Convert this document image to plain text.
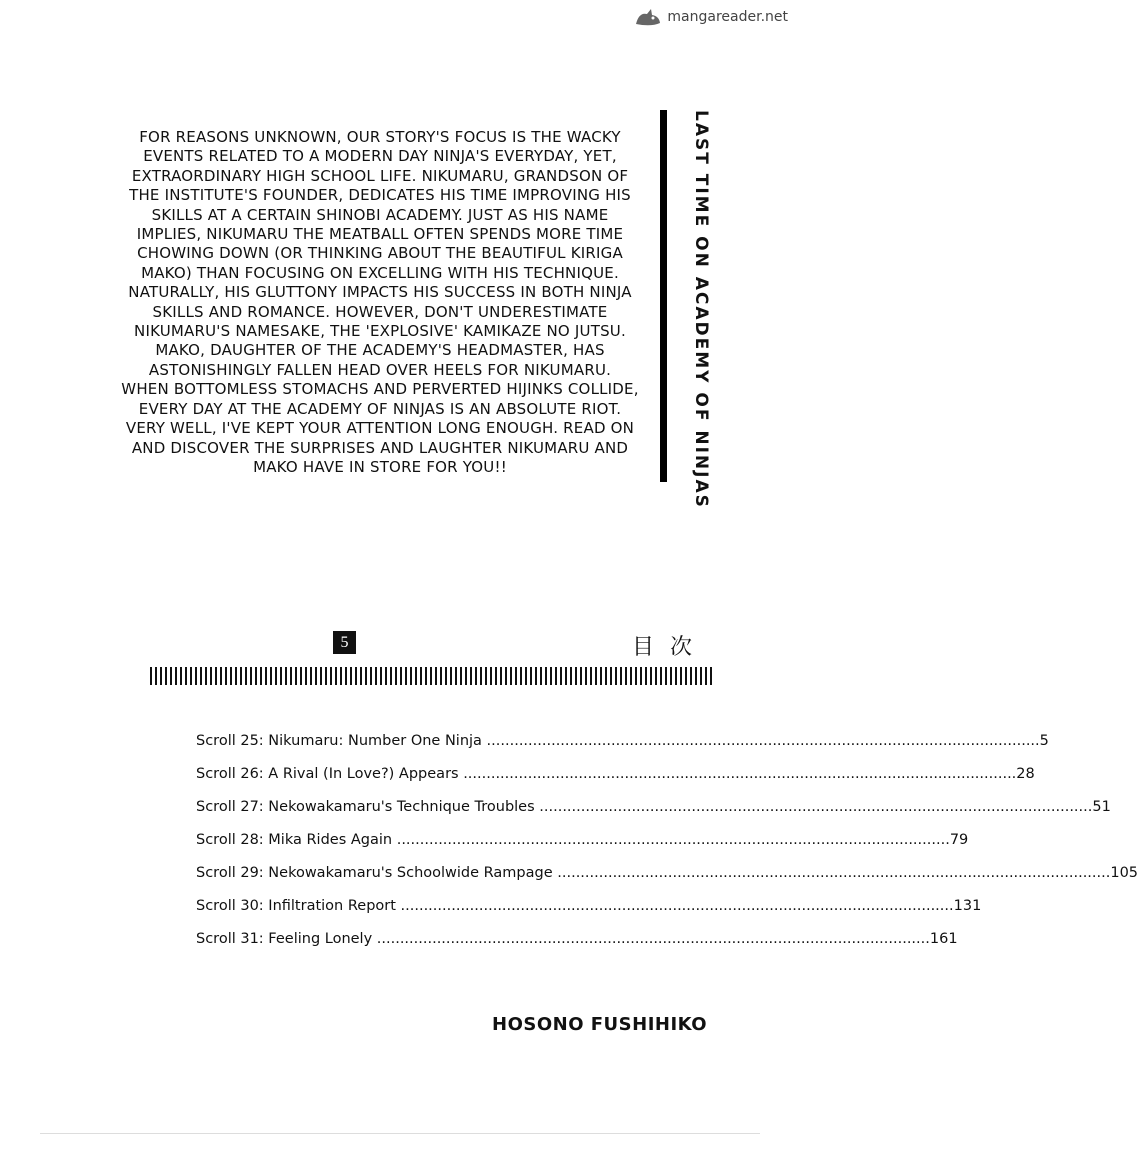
mangareader.net

FOR REASONS UNKNOWN, OUR STORY'S FOCUS IS THE WACKY
EVENTS RELATED TO A MODERN DAY NINJA'S EVERYDAY, YET,
EXTRAORDINARY HIGH SCHOOL LIFE. NIKUMARU, GRANDSON OF
THE INSTITUTE'S FOUNDER, DEDICATES HIS TIME IMPROVING HIS
SKILLS AT A CERTAIN SHINOBI ACADEMY. JUST AS HIS NAME
IMPLIES, NIKUMARU THE MEATBALL OFTEN SPENDS MORE TIME
CHOWING DOWN (OR THINKING ABOUT THE BEAUTIFUL KIRIGA
MAKO) THAN FOCUSING ON EXCELLING WITH HIS TECHNIQUE.
NATURALLY, HIS GLUTTONY IMPACTS HIS SUCCESS IN BOTH NINJA
SKILLS AND ROMANCE. HOWEVER, DON'T UNDERESTIMATE
NIKUMARU'S NAMESAKE, THE 'EXPLOSIVE' KAMIKAZE NO JUTSU.
MAKO, DAUGHTER OF THE ACADEMY'S HEADMASTER, HAS
ASTONISHINGLY FALLEN HEAD OVER HEELS FOR NIKUMARU.
WHEN BOTTOMLESS STOMACHS AND PERVERTED HIJINKS COLLIDE,
EVERY DAY AT THE ACADEMY OF NINJAS IS AN ABSOLUTE RIOT.
VERY WELL, I'VE KEPT YOUR ATTENTION LONG ENOUGH. READ ON
AND DISCOVER THE SURPRISES AND LAUGHTER NIKUMARU AND
MAKO HAVE IN STORE FOR YOU!!	LAST TIME ON ACADEMY OF NINJAS
5	目次
Scroll 25: Nikumaru: Number One Ninja ........................................................................................................................ 5
Scroll 26: A Rival (In Love?) Appears ........................................................................................................................ 28
Scroll 27: Nekowakamaru's Technique Troubles ........................................................................................................................ 51
Scroll 28: Mika Rides Again ........................................................................................................................ 79
Scroll 29: Nekowakamaru's Schoolwide Rampage ........................................................................................................................ 105
Scroll 30: Infiltration Report ........................................................................................................................ 131
Scroll 31: Feeling Lonely ........................................................................................................................ 161
HOSONO FUSHIHIKO
